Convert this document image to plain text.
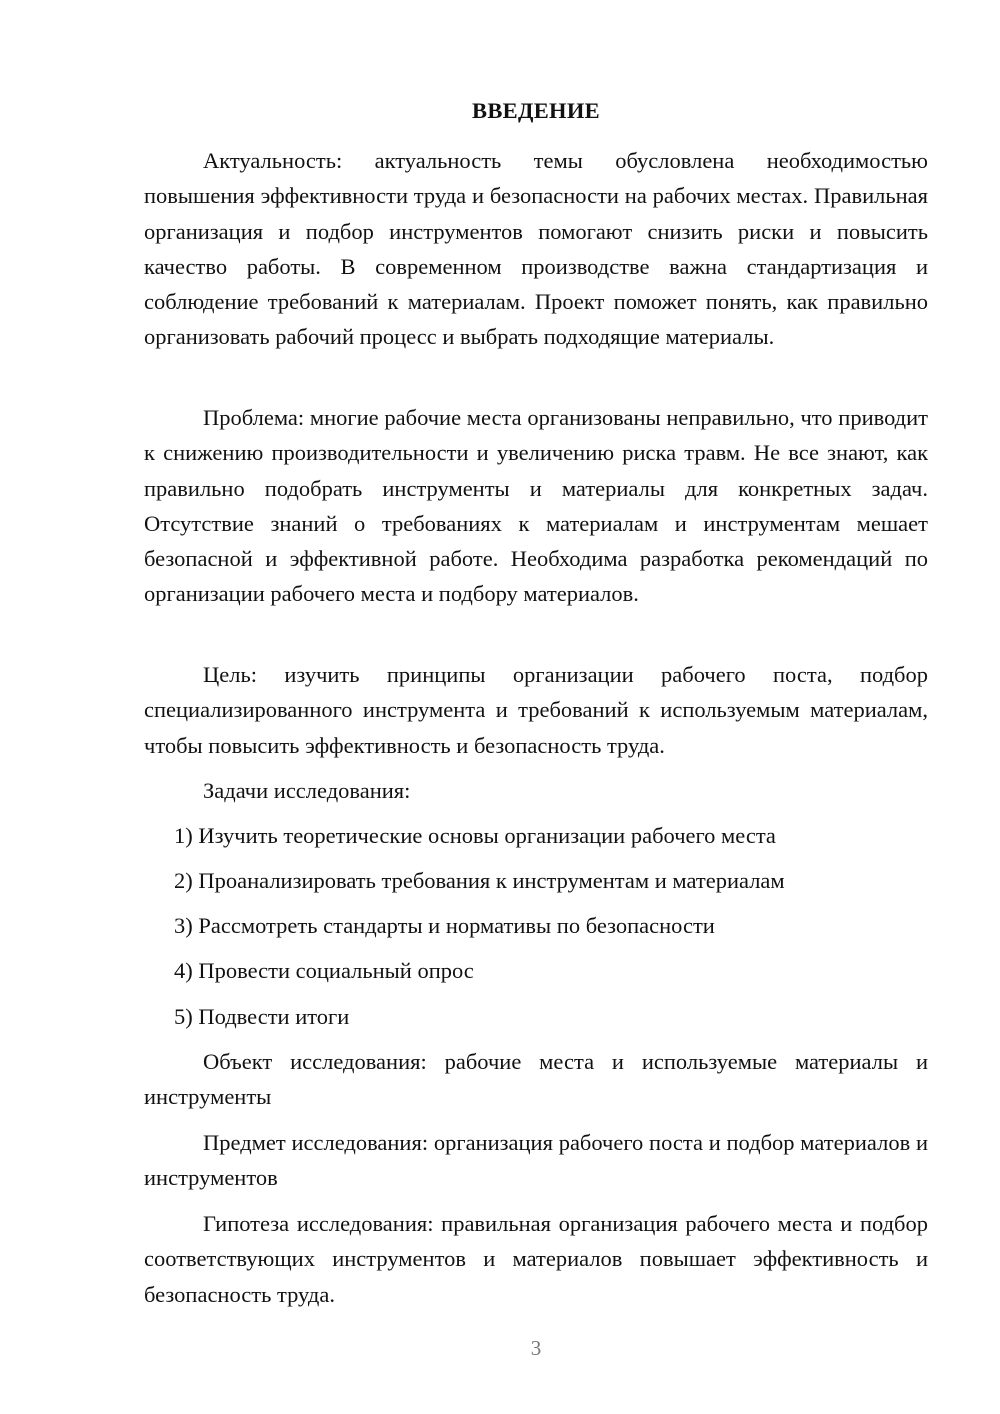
ВВЕДЕНИЕ

Актуальность: актуальность темы обусловлена необходимостью повышения эффективности труда и безопасности на рабочих местах. Правильная организация и подбор инструментов помогают снизить риски и повысить качество работы. В современном производстве важна стандартизация и соблюдение требований к материалам. Проект поможет понять, как правильно организовать рабочий процесс и выбрать подходящие материалы.

Проблема: многие рабочие места организованы неправильно, что приводит к снижению производительности и увеличению риска травм. Не все знают, как правильно подобрать инструменты и материалы для конкретных задач. Отсутствие знаний о требованиях к материалам и инструментам мешает безопасной и эффективной работе. Необходима разработка рекомендаций по организации рабочего места и подбору материалов.

Цель: изучить принципы организации рабочего поста, подбор специализированного инструмента и требований к используемым материалам, чтобы повысить эффективность и безопасность труда.

Задачи исследования:

1) Изучить теоретические основы организации рабочего места

2) Проанализировать требования к инструментам и материалам

3) Рассмотреть стандарты и нормативы по безопасности

4) Провести социальный опрос

5) Подвести итоги

Объект исследования: рабочие места и используемые материалы и инструменты

Предмет исследования: организация рабочего поста и подбор материалов и инструментов

Гипотеза исследования: правильная организация рабочего места и подбор соответствующих инструментов и материалов повышает эффективность и безопасность труда.

3
